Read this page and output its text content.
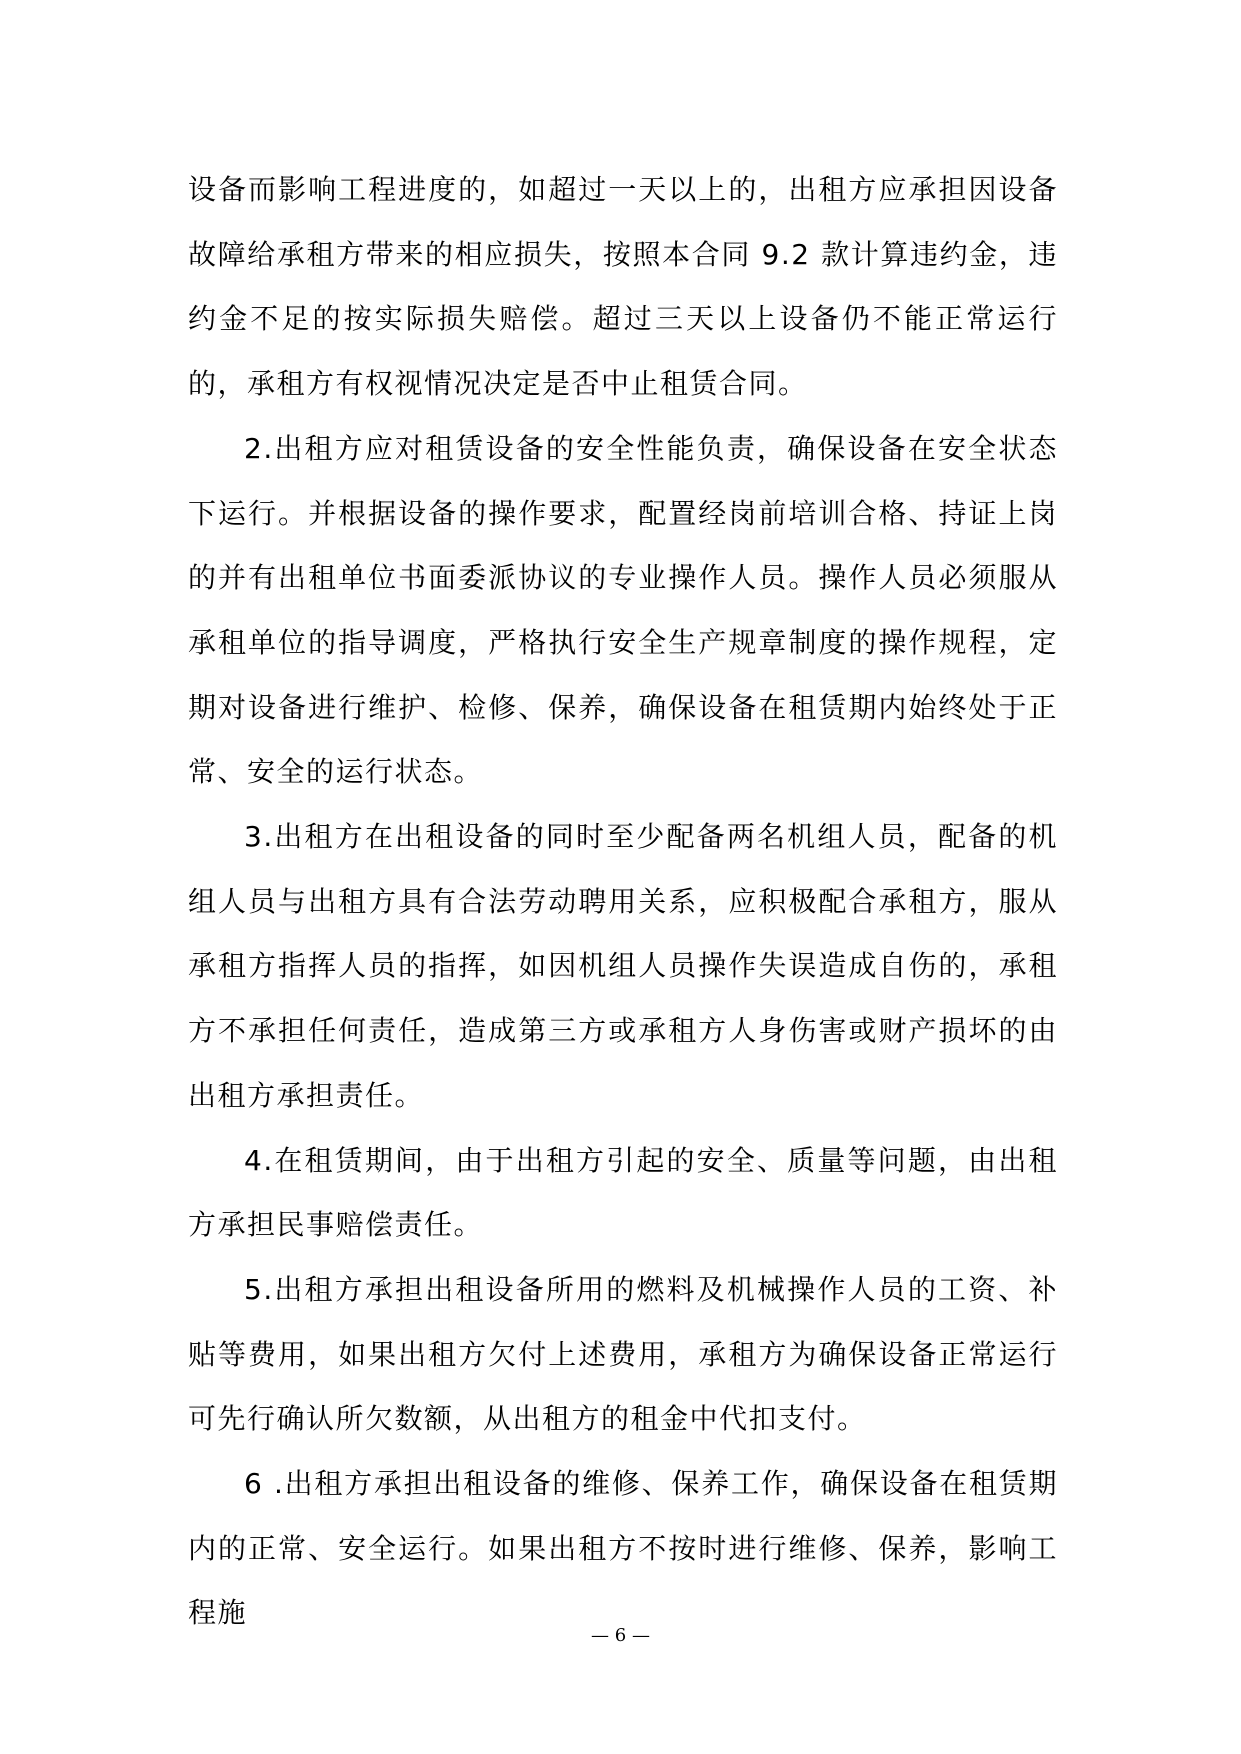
设备而影响工程进度的，如超过一天以上的，出租方应承担因设备故障给承租方带来的相应损失，按照本合同 9.2 款计算违约金，违约金不足的按实际损失赔偿。超过三天以上设备仍不能正常运行的，承租方有权视情况决定是否中止租赁合同。

2.出租方应对租赁设备的安全性能负责，确保设备在安全状态下运行。并根据设备的操作要求，配置经岗前培训合格、持证上岗的并有出租单位书面委派协议的专业操作人员。操作人员必须服从承租单位的指导调度，严格执行安全生产规章制度的操作规程，定期对设备进行维护、检修、保养，确保设备在租赁期内始终处于正常、安全的运行状态。

3.出租方在出租设备的同时至少配备两名机组人员，配备的机组人员与出租方具有合法劳动聘用关系，应积极配合承租方，服从承租方指挥人员的指挥，如因机组人员操作失误造成自伤的，承租方不承担任何责任，造成第三方或承租方人身伤害或财产损坏的由出租方承担责任。

4.在租赁期间，由于出租方引起的安全、质量等问题，由出租方承担民事赔偿责任。

5.出租方承担出租设备所用的燃料及机械操作人员的工资、补贴等费用，如果出租方欠付上述费用，承租方为确保设备正常运行可先行确认所欠数额，从出租方的租金中代扣支付。

6 .出租方承担出租设备的维修、保养工作，确保设备在租赁期内的正常、安全运行。如果出租方不按时进行维修、保养，影响工程施

— 6 —
